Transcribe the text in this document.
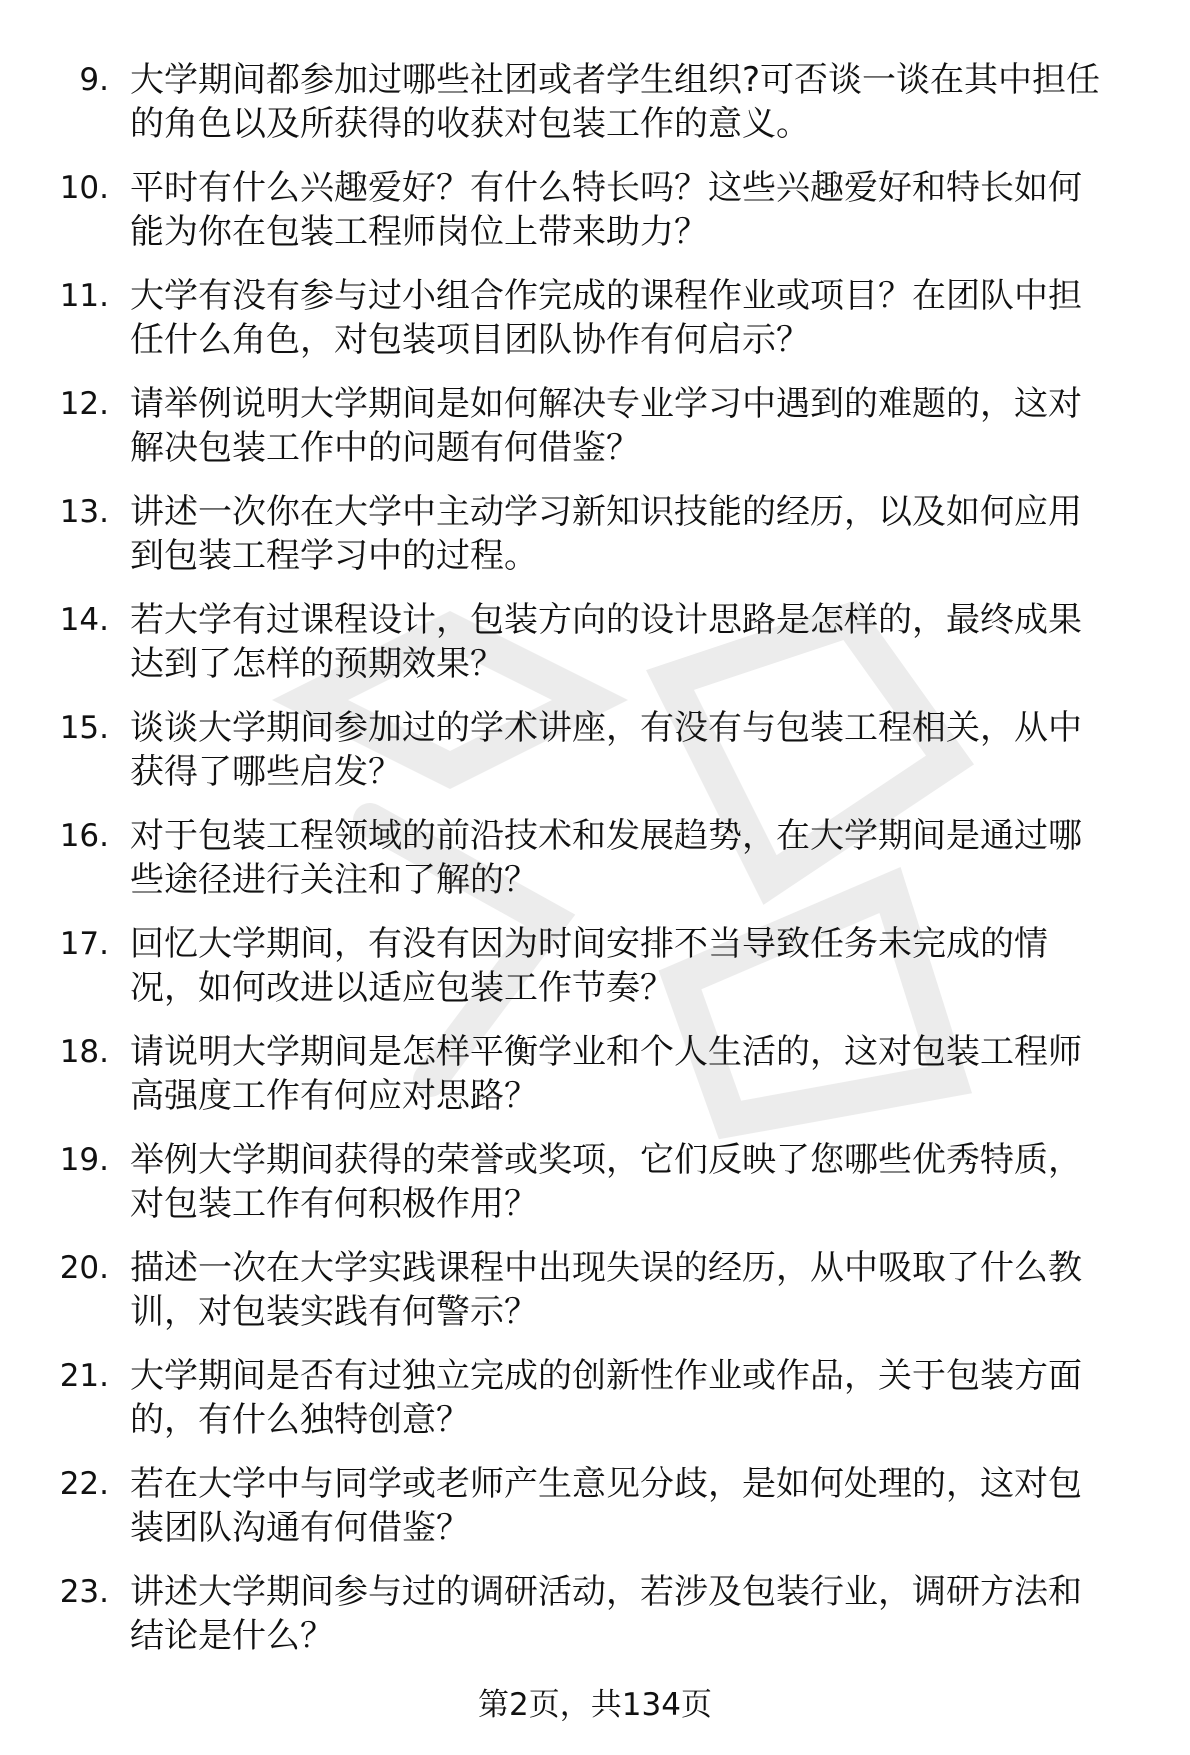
9. 大学期间都参加过哪些社团或者学生组织?可否谈一谈在其中担任
的角色以及所获得的收获对包装工作的意义。
10. 平时有什么兴趣爱好？有什么特长吗？这些兴趣爱好和特长如何
能为你在包装工程师岗位上带来助力？
11. 大学有没有参与过小组合作完成的课程作业或项目？在团队中担
任什么角色，对包装项目团队协作有何启示？
12. 请举例说明大学期间是如何解决专业学习中遇到的难题的，这对
解决包装工作中的问题有何借鉴？
13. 讲述一次你在大学中主动学习新知识技能的经历，以及如何应用
到包装工程学习中的过程。
14. 若大学有过课程设计，包装方向的设计思路是怎样的，最终成果
达到了怎样的预期效果？
15. 谈谈大学期间参加过的学术讲座，有没有与包装工程相关，从中
获得了哪些启发？
16. 对于包装工程领域的前沿技术和发展趋势，在大学期间是通过哪
些途径进行关注和了解的？
17. 回忆大学期间，有没有因为时间安排不当导致任务未完成的情
况，如何改进以适应包装工作节奏？
18. 请说明大学期间是怎样平衡学业和个人生活的，这对包装工程师
高强度工作有何应对思路？
19. 举例大学期间获得的荣誉或奖项，它们反映了您哪些优秀特质，
对包装工作有何积极作用？
20. 描述一次在大学实践课程中出现失误的经历，从中吸取了什么教
训，对包装实践有何警示？
21. 大学期间是否有过独立完成的创新性作业或作品，关于包装方面
的，有什么独特创意？
22. 若在大学中与同学或老师产生意见分歧，是如何处理的，这对包
装团队沟通有何借鉴？
23. 讲述大学期间参与过的调研活动，若涉及包装行业，调研方法和
结论是什么？
第2页，共134页
